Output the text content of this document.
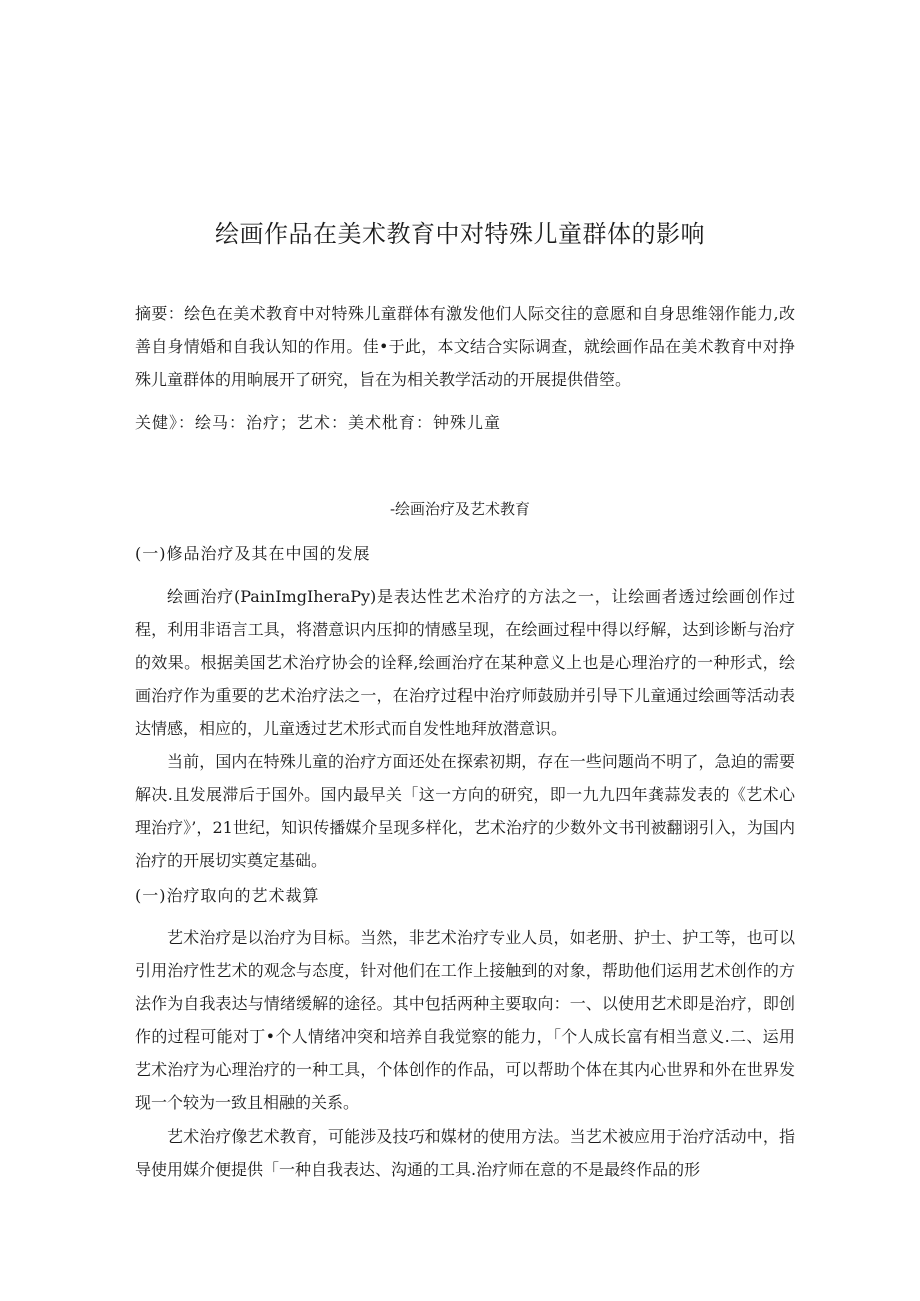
绘画作品在美术教育中对特殊儿童群体的影响
摘要：绘色在美术教育中对特殊儿童群体有激发他们人际交往的意愿和自身思维翎作能力,改善自身情婚和自我认知的作用。佳•于此，本文结合实际调查，就绘画作品在美术教育中对挣殊儿童群体的用晌展开了研究，旨在为相关教学活动的开展提供借箜。
关健》：绘马：治疗；艺术：美术枇育：钟殊儿童
-绘画治疗及艺术教育
(一)修品治疗及其在中国的发展
绘画治疗(PainImgIheraPy)是表达性艺术治疗的方法之一，让绘画者透过绘画创作过程，利用非语言工具，将潜意识内压抑的情感呈现，在绘画过程中得以纾解，达到诊断与治疗的效果。根据美国艺术治疗协会的诠释,绘画治疗在某种意义上也是心理治疗的一种形式，绘画治疗作为重要的艺术治疗法之一，在治疗过程中治疗师鼓励并引导下儿童通过绘画等活动表达情感，相应的，儿童透过艺术形式而自发性地拜放潜意识。
当前，国内在特殊儿童的治疗方面还处在探索初期，存在一些问题尚不明了，急迫的需要解决.且发展滞后于国外。国内最早关「这一方向的研究，即一九九四年龚蒜发表的《艺术心理治疗》’，21世纪，知识传播媒介呈现多样化，艺术治疗的少数外文书刊被翻诩引入，为国内治疗的开展切实奠定基础。
(一)治疗取向的艺术裁算
艺术治疗是以治疗为目标。当然，非艺术治疗专业人员，如老册、护士、护工等，也可以引用治疗性艺术的观念与态度，针对他们在工作上接触到的对象，帮助他们运用艺术创作的方法作为自我表达与情绪缓解的途径。其中包括两种主要取向：一、以使用艺术即是治疗，即创作的过程可能对丁•个人情绪冲突和培养自我觉察的能力，「个人成长富有相当意义.二、运用艺术治疗为心理治疗的一种工具，个体创作的作品，可以帮助个体在其内心世界和外在世界发现一个较为一致且相融的关系。
艺术治疗像艺术教育，可能涉及技巧和媒材的使用方法。当艺术被应用于治疗活动中，指导使用媒介便提供「一种自我表达、沟通的工具.治疗师在意的不是最终作品的形
